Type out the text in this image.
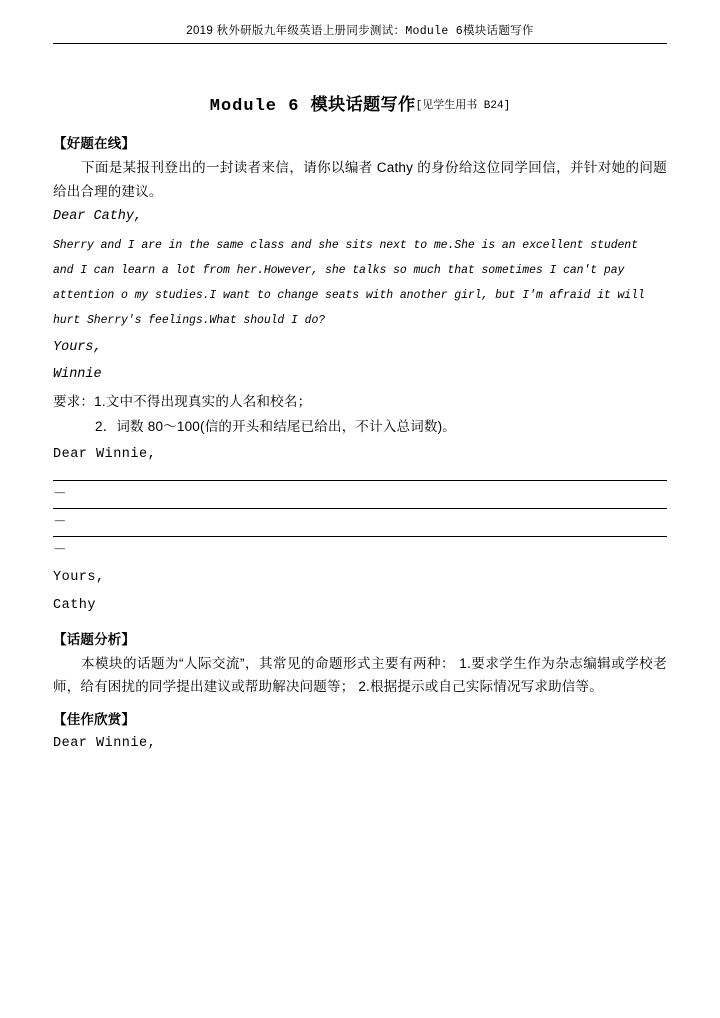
2019 秋外研版九年级英语上册同步测试：Module 6模块话题写作
Module 6 模块话题写作[见学生用书 B24]
【好题在线】
下面是某报刊登出的一封读者来信，请你以编者 Cathy 的身份给这位同学回信，并针对她的问题给出合理的建议。
Dear Cathy,
Sherry and I are in the same class and she sits next to me.She is an excellent student
and I can learn a lot from her.However, she talks so much that sometimes I can′t pay
attention o my studies.I want to change seats with another girl, but I′m afraid it will
hurt Sherry′s feelings.What should I do?
Yours,
Winnie
要求：1.文中不得出现真实的人名和校名；
2．词数 80～100(信的开头和结尾已给出，不计入总词数)。
Dear Winnie,
－
－
－
Yours,
Cathy
【话题分析】
本模块的话题为“人际交流”，其常见的命题形式主要有两种： 1.要求学生作为杂志编辑或学校老师，给有困扰的同学提出建议或帮助解决问题等； 2.根据提示或自己实际情况写求助信等。
【佳作欣赏】
Dear Winnie,
